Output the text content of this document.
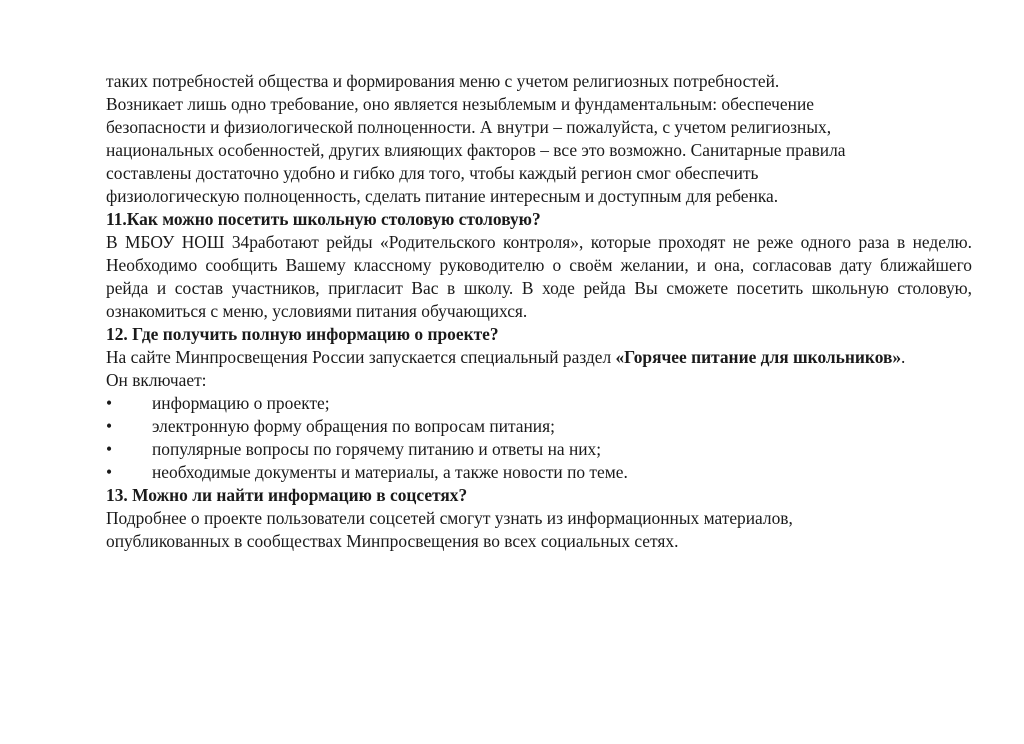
таких потребностей общества и формирования меню с учетом религиозных потребностей.
Возникает лишь одно требование, оно является незыблемым и фундаментальным: обеспечение
безопасности и физиологической полноценности. А внутри – пожалуйста, с учетом религиозных,
национальных особенностей, других влияющих факторов – все это возможно. Санитарные правила
составлены достаточно удобно и гибко для того, чтобы каждый регион смог обеспечить
физиологическую полноценность, сделать питание интересным и доступным для ребенка.
11.Как можно посетить школьную столовую столовую?
В МБОУ НОШ 34работают рейды «Родительского контроля», которые проходят не реже одного раза в неделю. Необходимо сообщить Вашему классному руководителю о своём желании, и она, согласовав дату ближайшего рейда и состав участников, пригласит Вас в школу. В ходе рейда Вы сможете посетить школьную столовую, ознакомиться с меню, условиями питания обучающихся.
12. Где получить полную информацию о проекте?
На сайте Минпросвещения России запускается специальный раздел «Горячее питание для школьников».
Он включает:
• информацию о проекте;
• электронную форму обращения по вопросам питания;
• популярные вопросы по горячему питанию и ответы на них;
• необходимые документы и материалы, а также новости по теме.
13. Можно ли найти информацию в соцсетях?
Подробнее о проекте пользователи соцсетей смогут узнать из информационных материалов,
опубликованных в сообществах Минпросвещения во всех социальных сетях.
